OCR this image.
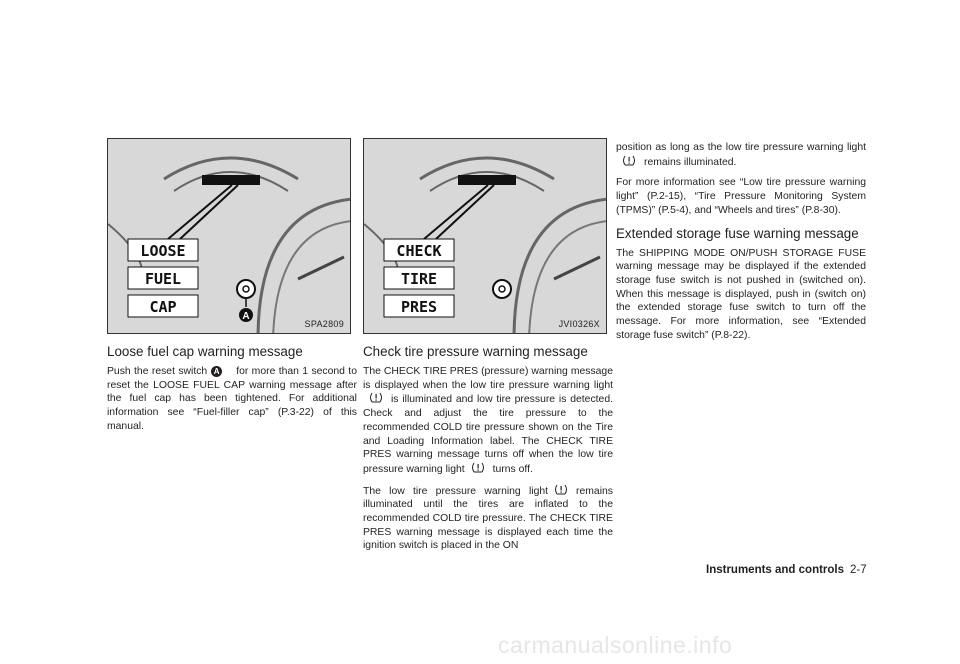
LOOSE
FUEL
CAP
A
SPA2809
Loose fuel cap warning message

Push the reset switch A for more than 1 second to reset the LOOSE FUEL CAP warning message after the fuel cap has been tightened. For additional information see “Fuel-filler cap” (P.3-22) of this manual.

CHECK
TIRE
PRES
JVI0326X
Check tire pressure warning message

The CHECK TIRE PRES (pressure) warning message is displayed when the low tire pressure warning lightis illuminated and low tire pressure is detected. Check and adjust the tire pressure to the recommended COLD tire pressure shown on the Tire and Loading Information label. The CHECK TIRE PRES warning message turns off when the low tire pressure warning light	turns off.

The low tire pressure warning light	remains illuminated until the tires are inflated to the recommended COLD tire pressure. The CHECK TIRE PRES warning message is displayed each time the ignition switch is placed in the ON

position as long as the low tire pressure warning lightremains illuminated.

For more information see “Low tire pressure warning light” (P.2-15), “Tire Pressure Monitoring System (TPMS)” (P.5-4), and “Wheels and tires” (P.8-30).

Extended storage fuse warning message

The SHIPPING MODE ON/PUSH STORAGE FUSE warning message may be displayed if the extended storage fuse switch is not pushed in (switched on). When this message is displayed, push in (switch on) the extended storage fuse switch to turn off the message. For more information, see “Extended storage fuse switch” (P.8-22).

Instruments and controls 2-7
carmanualsonline.info
